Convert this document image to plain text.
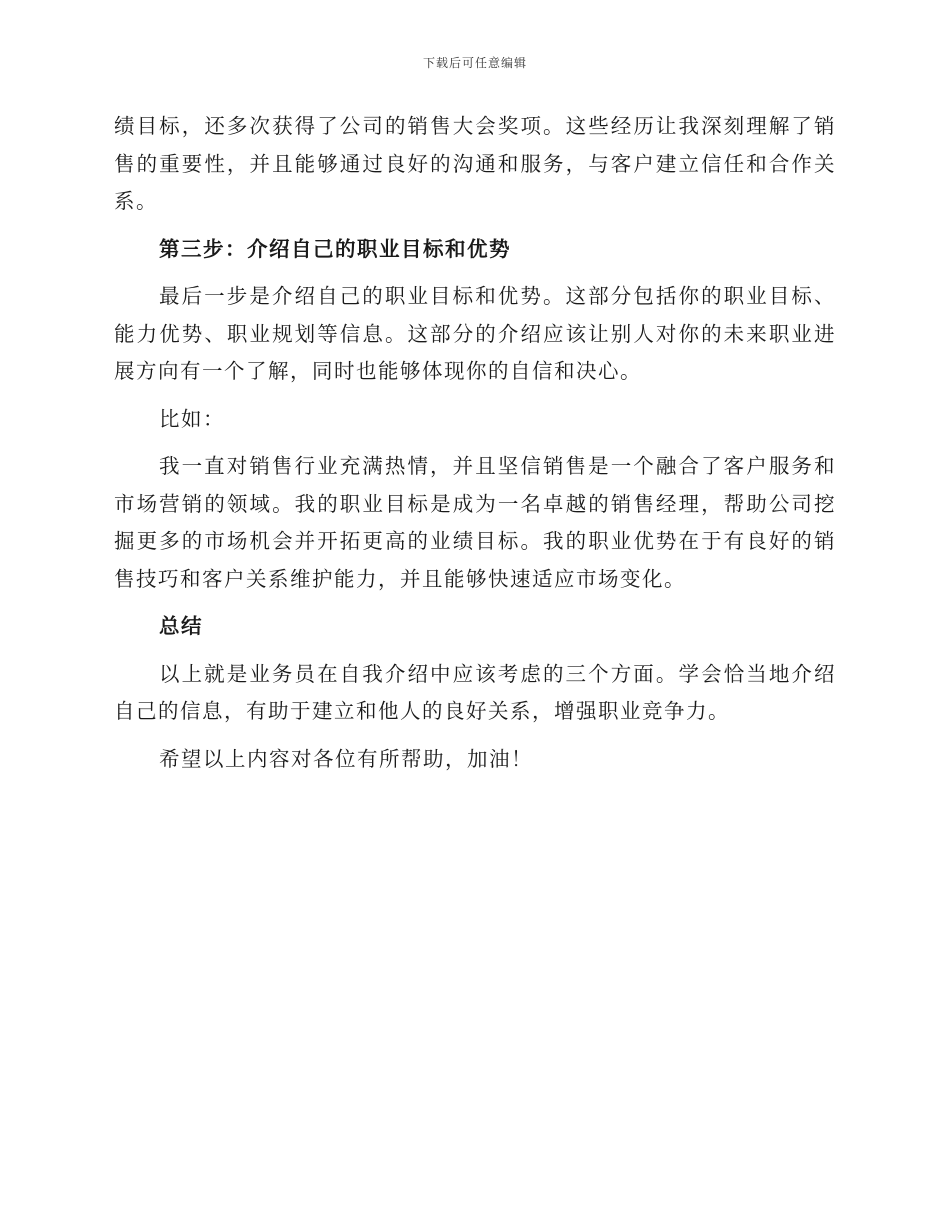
下载后可任意编辑

绩目标，还多次获得了公司的销售大会奖项。这些经历让我深刻理解了销售的重要性，并且能够通过良好的沟通和服务，与客户建立信任和合作关系。

第三步：介绍自己的职业目标和优势

最后一步是介绍自己的职业目标和优势。这部分包括你的职业目标、能力优势、职业规划等信息。这部分的介绍应该让别人对你的未来职业进展方向有一个了解，同时也能够体现你的自信和决心。

比如：

我一直对销售行业充满热情，并且坚信销售是一个融合了客户服务和市场营销的领域。我的职业目标是成为一名卓越的销售经理，帮助公司挖掘更多的市场机会并开拓更高的业绩目标。我的职业优势在于有良好的销售技巧和客户关系维护能力，并且能够快速适应市场变化。

总结

以上就是业务员在自我介绍中应该考虑的三个方面。学会恰当地介绍自己的信息，有助于建立和他人的良好关系，增强职业竞争力。

希望以上内容对各位有所帮助，加油！
